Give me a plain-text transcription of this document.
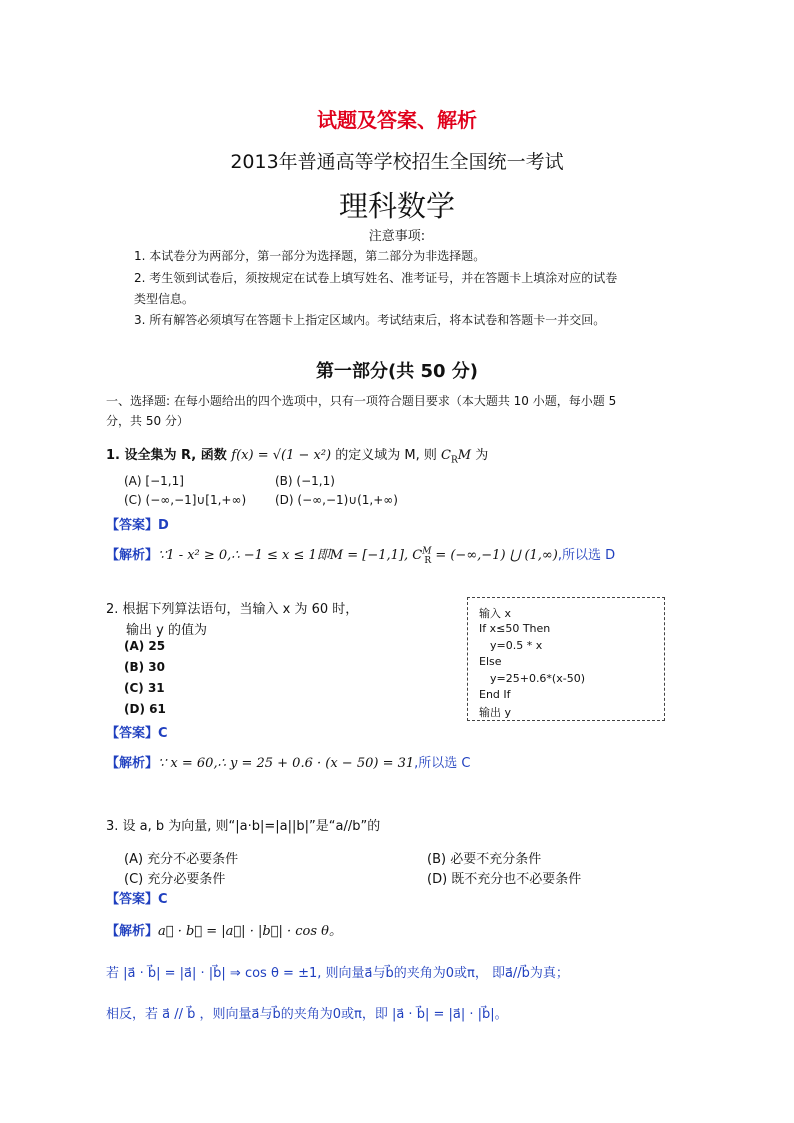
试题及答案、解析
2013年普通高等学校招生全国统一考试
理科数学
注意事项:
1. 本试卷分为两部分，第一部分为选择题，第二部分为非选择题。
2. 考生领到试卷后，须按规定在试卷上填写姓名、准考证号，并在答题卡上填涂对应的试卷
类型信息。
3. 所有解答必须填写在答题卡上指定区域内。考试结束后，将本试卷和答题卡一并交回。
第一部分(共 50 分)
一、选择题: 在每小题给出的四个选项中，只有一项符合题目要求（本大题共 10 小题，每小题 5
分，共 50 分）
1. 设全集为 R, 函数 f(x) = √(1 − x²) 的定义域为 M, 则 $C_RM$ 为
(A) [−1,1]	(B) (−1,1)
(C) (−∞,−1]∪[1,+∞) (D) (−∞,−1)∪(1,+∞)
【答案】D
【解析】∵1 - x² ≥ 0,∴ −1 ≤ x ≤ 1即M = [−1,1], $C^M_R = (-\infty,-1)$ ⋃ (1,∞),所以选 D
2. 根据下列算法语句，当输入 x 为 60 时，
输出 y 的值为
(A) 25
(B) 30
(C) 31
(D) 61
输入 x
If x≤50 Then
y=0.5 * x
Else
y=25+0.6*(x-50)
End If
输出 y
【答案】C
【解析】∵ x = 60,∴ y = 25 + 0.6 · (x − 50) = 31,所以选 C
3. 设 a, b 为向量, 则“|a·b|=|a||b|”是“a//b”的
(A) 充分不必要条件	(B) 必要不充分条件
(C) 充分必要条件	(D) 既不充分也不必要条件
【答案】C
【解析】a⃗ · b⃗ = |a⃗| · |b⃗| · cos θ。
若 |a⃗ · b⃗| = |a⃗| · |b⃗| ⇒ cos θ = ±1, 则向量a⃗与b⃗的夹角为0或π， 即a⃗//b⃗为真；
相反，若 a⃗ // b⃗ ，则向量a⃗与b⃗的夹角为0或π，即 |a⃗ · b⃗| = |a⃗| · |b⃗|。
